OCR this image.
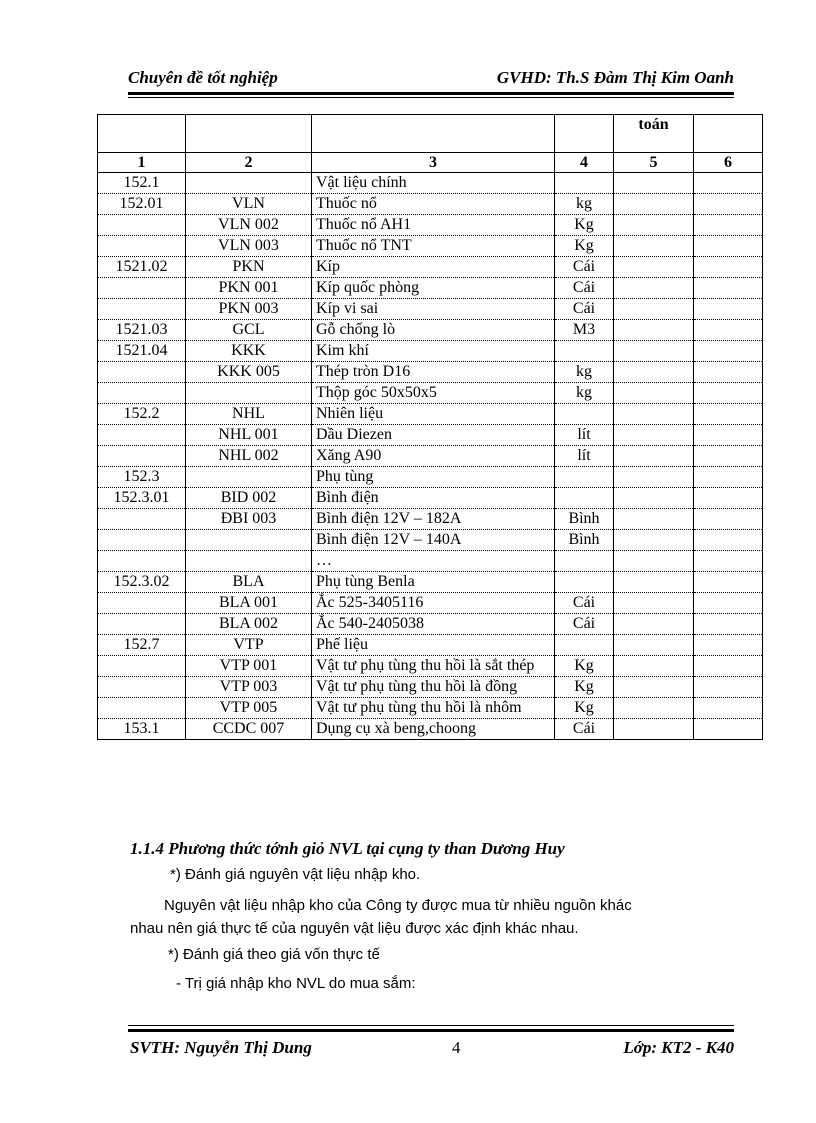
Chuyên đề tốt nghiệp	GVHD: Th.S Đàm Thị Kim Oanh
				toán	
1	2	3	4	5	6
152.1		Vật liệu chính			
152.01	VLN	Thuốc nổ	kg		
	VLN 002	Thuốc nổ AH1	Kg		
	VLN 003	Thuốc nổ TNT	Kg		
1521.02	PKN	Kíp	Cái		
	PKN 001	Kíp quốc phòng	Cái		
	PKN 003	Kíp vi sai	Cái		
1521.03	GCL	Gỗ chống lò	M3		
1521.04	KKK	Kim khí			
	KKK 005	Thép tròn D16	kg		
		Thộp góc 50x50x5	kg		
152.2	NHL	Nhiên liệu			
	NHL 001	Dầu Diezen	lít		
	NHL 002	Xăng A90	lít		
152.3		Phụ tùng			
152.3.01	BID 002	Bình điện			
	ĐBI 003	Bình điện 12V – 182A	Bình		
		Bình điện 12V – 140A	Bình		
		…			
152.3.02	BLA	Phụ tùng Benla			
	BLA 001	Ắc 525-3405116	Cái		
	BLA 002	Ắc 540-2405038	Cái		
152.7	VTP	Phế liệu			
	VTP 001	Vật tư phụ tùng thu hồi là sắt thép	Kg		
	VTP 003	Vật tư phụ tùng thu hồi là đồng	Kg		
	VTP 005	Vật tư phụ tùng thu hồi là nhôm	Kg		
153.1	CCDC 007	Dụng cụ xà beng,choong	Cái		
1.1.4 Phương thức tớnh giỏ NVL tại cụng ty than Dương Huy
*) Đánh giá nguyên vật liệu nhập kho.
Nguyên vật liệu nhập kho của Công ty được mua từ nhiều nguồn khác
nhau nên giá thực tế của nguyên vật liệu được xác định khác nhau.
*) Đánh giá theo giá vốn thực tế
- Trị giá nhập kho NVL do mua sắm:
SVTH: Nguyễn Thị Dung	4	Lớp: KT2 - K40
